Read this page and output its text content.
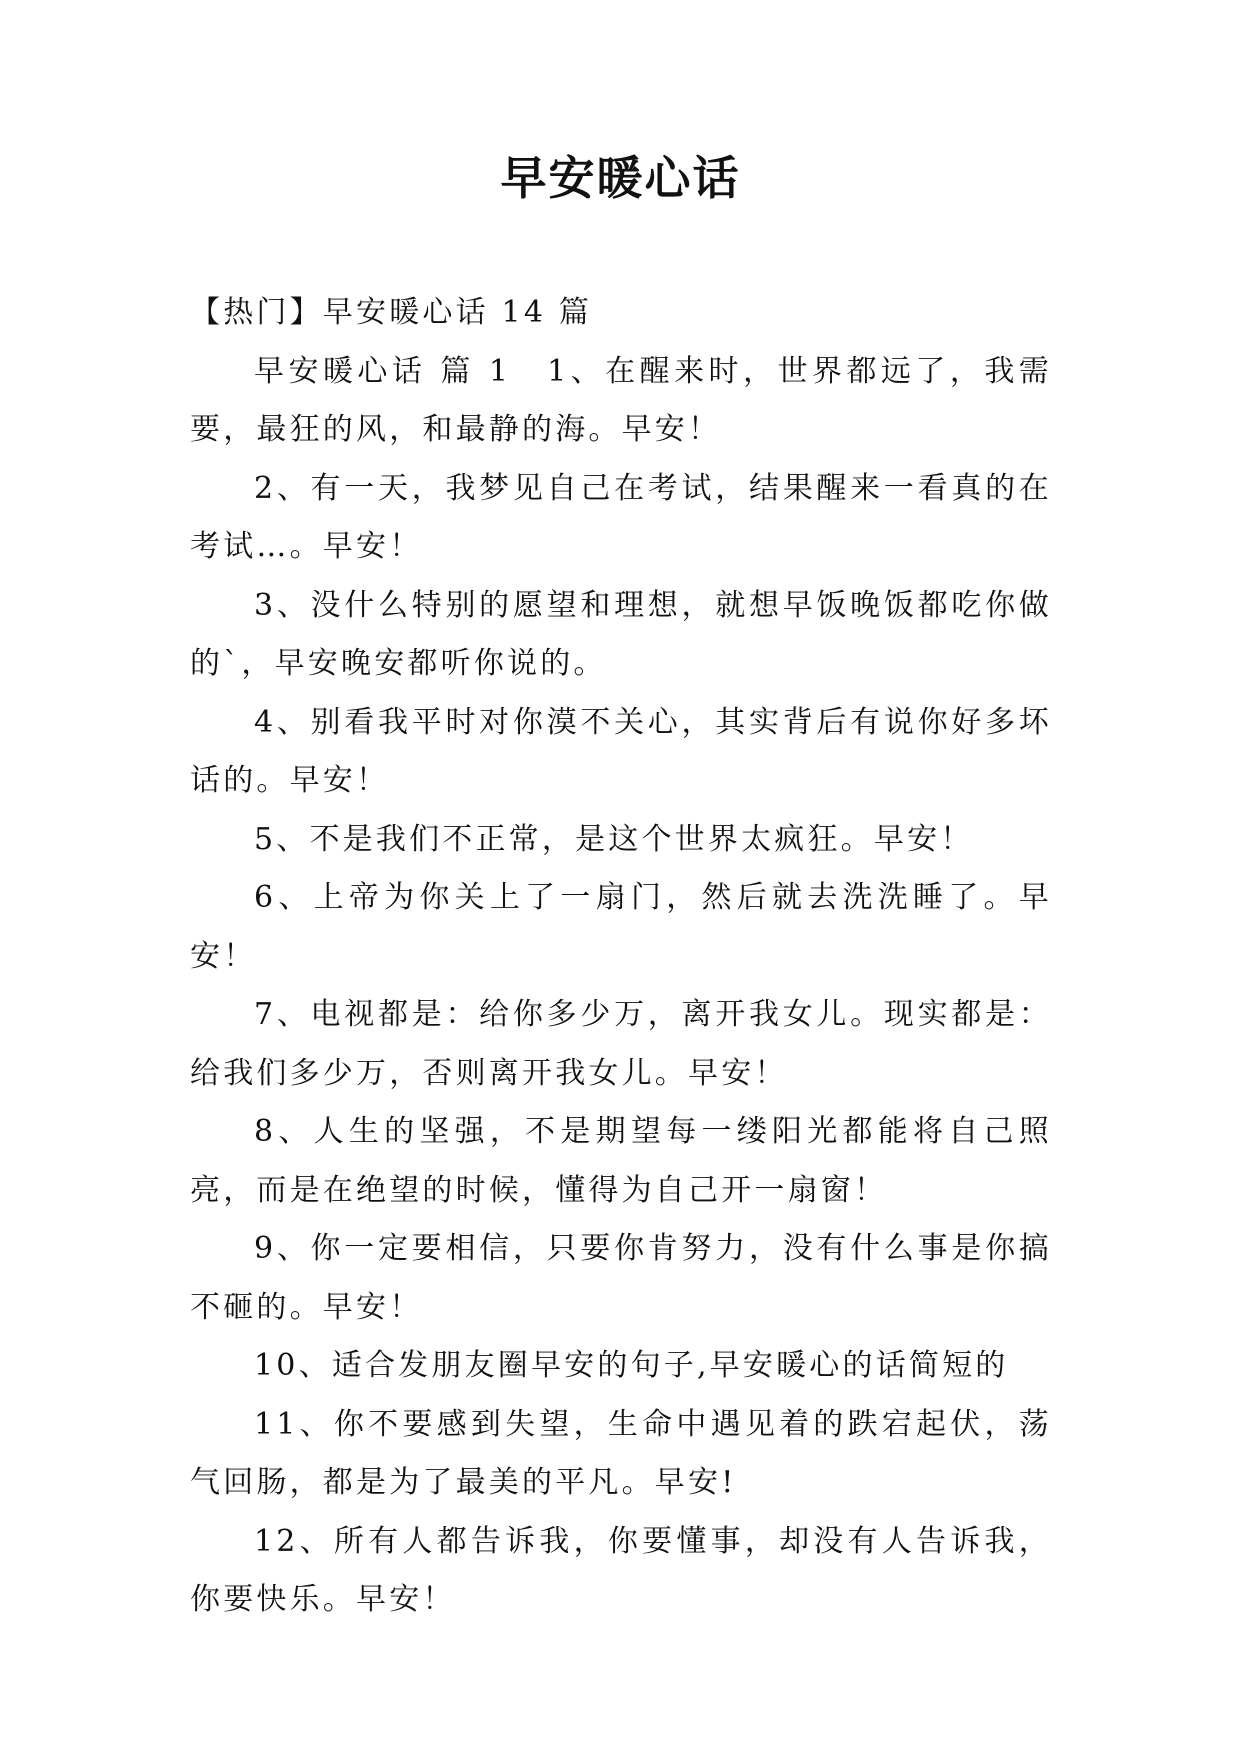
早安暖心话

【热门】早安暖心话 14 篇

早安暖心话 篇 1 1、在醒来时，世界都远了，我需要，最狂的风，和最静的海。早安！

2、有一天，我梦见自己在考试，结果醒来一看真的在考试…。早安！

3、没什么特别的愿望和理想，就想早饭晚饭都吃你做的`，早安晚安都听你说的。

4、别看我平时对你漠不关心，其实背后有说你好多坏话的。早安！

5、不是我们不正常，是这个世界太疯狂。早安！

6、上帝为你关上了一扇门，然后就去洗洗睡了。早安！

7、电视都是：给你多少万，离开我女儿。现实都是：给我们多少万，否则离开我女儿。早安！

8、人生的坚强，不是期望每一缕阳光都能将自己照亮，而是在绝望的时候，懂得为自己开一扇窗！

9、你一定要相信，只要你肯努力，没有什么事是你搞不砸的。早安！

10、适合发朋友圈早安的句子,早安暖心的话简短的

11、你不要感到失望，生命中遇见着的跌宕起伏，荡气回肠，都是为了最美的平凡。早安!

12、所有人都告诉我，你要懂事，却没有人告诉我，你要快乐。早安！
